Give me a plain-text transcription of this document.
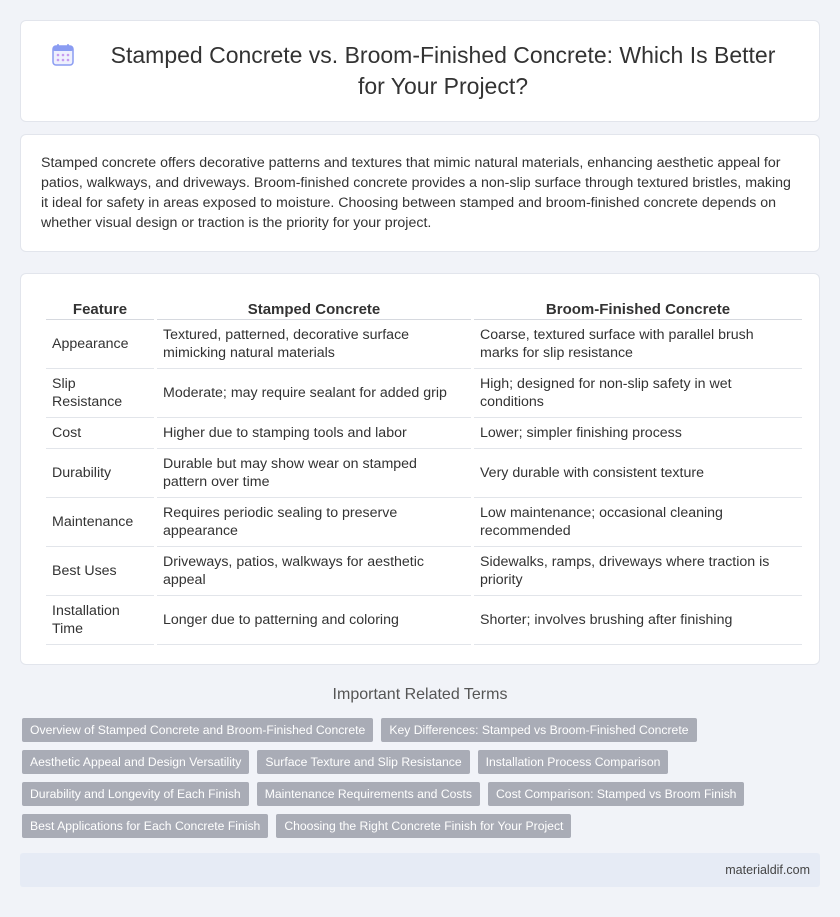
Stamped Concrete vs. Broom-Finished Concrete: Which Is Better for Your Project?

Stamped concrete offers decorative patterns and textures that mimic natural materials, enhancing aesthetic appeal for patios, walkways, and driveways. Broom-finished concrete provides a non-slip surface through textured bristles, making it ideal for safety in areas exposed to moisture. Choosing between stamped and broom-finished concrete depends on whether visual design or traction is the priority for your project.

Feature	Stamped Concrete	Broom-Finished Concrete
Appearance	Textured, patterned, decorative surface mimicking natural materials	Coarse, textured surface with parallel brush marks for slip resistance
Slip Resistance	Moderate; may require sealant for added grip	High; designed for non-slip safety in wet conditions
Cost	Higher due to stamping tools and labor	Lower; simpler finishing process
Durability	Durable but may show wear on stamped pattern over time	Very durable with consistent texture
Maintenance	Requires periodic sealing to preserve appearance	Low maintenance; occasional cleaning recommended
Best Uses	Driveways, patios, walkways for aesthetic appeal	Sidewalks, ramps, driveways where traction is priority
Installation Time	Longer due to patterning and coloring	Shorter; involves brushing after finishing
Important Related Terms
Overview of Stamped Concrete and Broom-Finished Concrete	Key Differences: Stamped vs Broom-Finished Concrete
Aesthetic Appeal and Design Versatility	Surface Texture and Slip Resistance	Installation Process Comparison
Durability and Longevity of Each Finish	Maintenance Requirements and Costs	Cost Comparison: Stamped vs Broom Finish
Best Applications for Each Concrete Finish	Choosing the Right Concrete Finish for Your Project
materialdif.com
